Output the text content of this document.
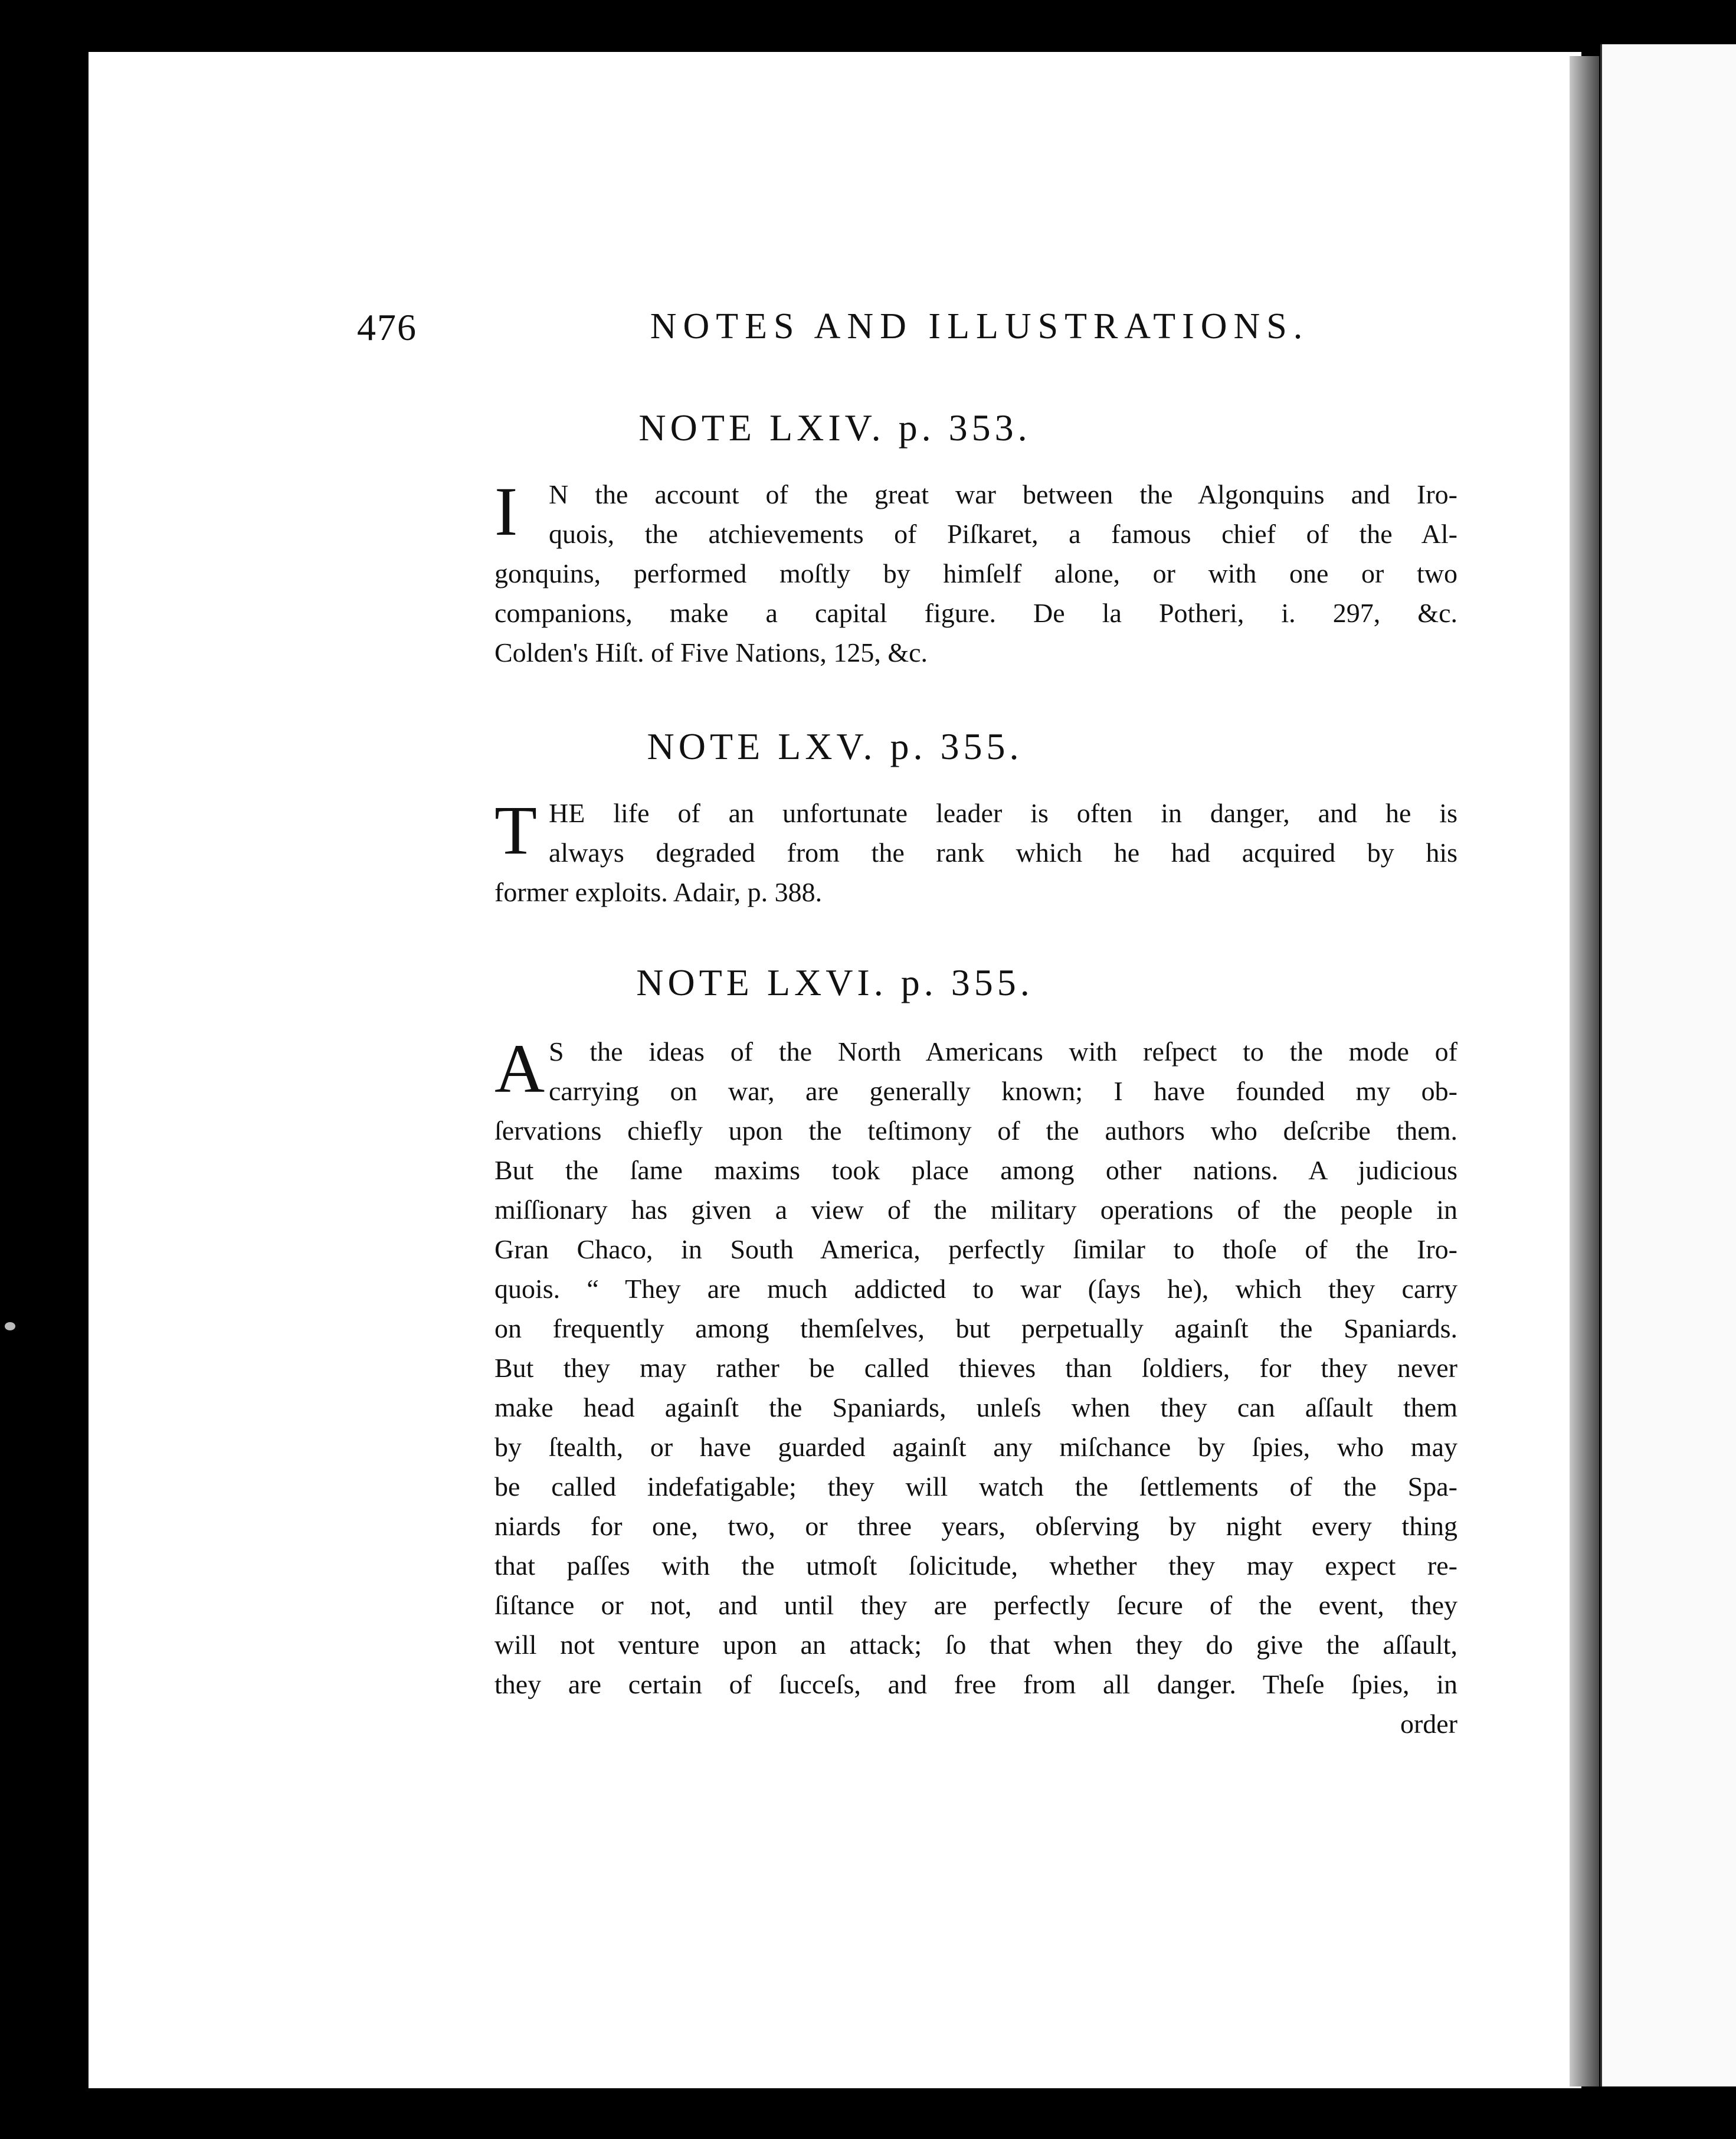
476	NOTES AND ILLUSTRATIONS.
NOTE LXIV. p. 353.
I	N the account of the great war between the Algonquins and Iro-
quois, the atchievements of Piſkaret, a famous chief of the Al-
gonquins, performed moſtly by himſelf alone, or with one or two
companions, make a capital figure. De la Potheri, i. 297, &c.
Colden's Hiſt. of Five Nations, 125, &c.
NOTE LXV. p. 355.
T HE life of an unfortunate leader is often in danger, and he is
always degraded from the rank which he had acquired by his
former exploits. Adair, p. 388.
NOTE LXVI. p. 355.
A S the ideas of the North Americans with reſpect to the mode of
carrying on war, are generally known; I have founded my ob-
ſervations chiefly upon the teſtimony of the authors who deſcribe them.
But the ſame maxims took place among other nations. A judicious
miſſionary has given a view of the military operations of the people in
Gran Chaco, in South America, perfectly ſimilar to thoſe of the Iro-
quois. “ They are much addicted to war (ſays he), which they carry
on frequently among themſelves, but perpetually againſt the Spaniards.
But they may rather be called thieves than ſoldiers, for they never
make head againſt the Spaniards, unleſs when they can aſſault them
by ſtealth, or have guarded againſt any miſchance by ſpies, who may
be called indefatigable; they will watch the ſettlements of the Spa-
niards for one, two, or three years, obſerving by night every thing
that paſſes with the utmoſt ſolicitude, whether they may expect re-
ſiſtance or not, and until they are perfectly ſecure of the event, they
will not venture upon an attack; ſo that when they do give the aſſault,
they are certain of ſucceſs, and free from all danger. Theſe ſpies, in
order
